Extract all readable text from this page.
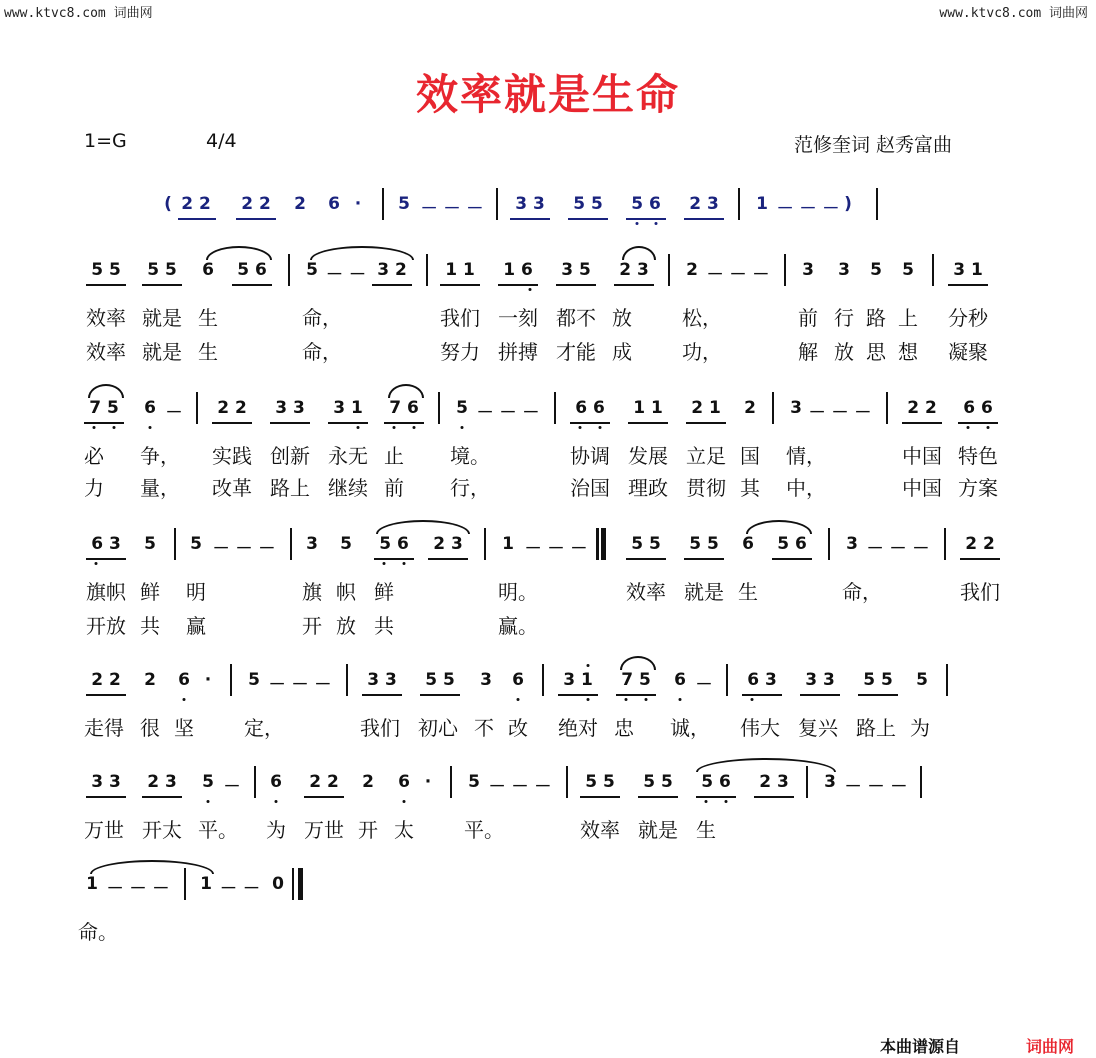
www.ktvc8.com 词曲网	www.ktvc8.com 词曲网
效率就是生命
1=G	4/4	范修奎词 赵秀富曲
( 2 2 2 2 2 6 · 5 － － － 3 3 5 5 5 6 2 3 1 － － － )
5 5 5 5 6 5 6 5 － － 3 2 1 1 1 6 3 5 2 3 2 － － － 3 3 5 5 3 1
效率 就是 生	命，	我们 一刻 都不 放	松，	前 行 路 上 分秒
效率 就是 生	命，	努力 拼搏 才能 成	功，	解 放 思 想 凝聚
7 5 6 － 2 2 3 3 3 1 7 6 5 － － － 6 6 1 1 2 1 2 3 － － － 2 2 6 6
必 争， 实践 创新 永无 止 境。	协调 发展 立足 国 情，	中国 特色
力 量， 改革 路上 继续 前 行，	治国 理政 贯彻 其 中，	中国 方案
6 3 5 5 － － － 3 5 5 6 2 3 1 － － －	5 5 5 5 6 5 6 3 － － － 2 2
旗帜 鲜 明	旗 帜 鲜	明。	效率 就是 生	命，	我们
开放 共 赢	开 放 共	赢。
2 2 2 6 · 5 － － － 3 3 5 5 3 6 3 1 7 5 6 － 6 3 3 3 5 5 5
走得 很 坚	定，	我们 初心 不 改 绝对 忠 诚， 伟大 复兴 路上 为
3 3 2 3 5 － 6 2 2 2 6 · 5 － － － 5 5 5 5 5 6 2 3 3 － － －
万世 开太 平。 为 万世 开 太	平。	效率 就是 生
1 － － － 1 － － 0
命。
本曲谱源自	词曲网
